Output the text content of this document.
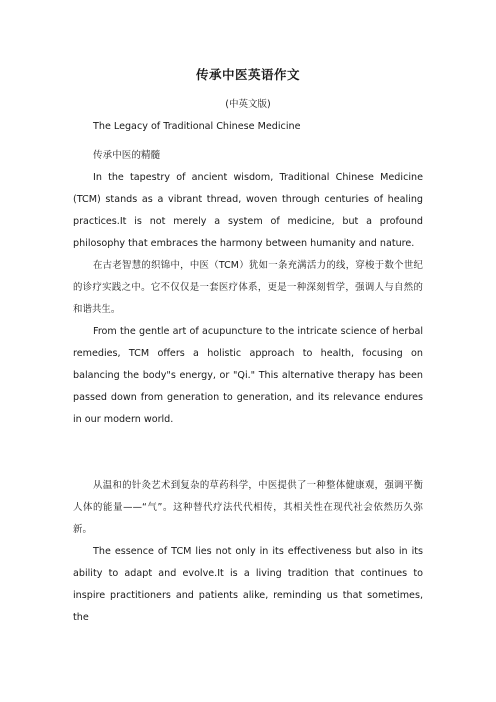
传承中医英语作文
(中英文版)
The Legacy of Traditional Chinese Medicine
传承中医的精髓
In the tapestry of ancient wisdom, Traditional Chinese Medicine (TCM) stands as a vibrant thread, woven through centuries of healing practices.It is not merely a system of medicine, but a profound philosophy that embraces the harmony between humanity and nature.
在古老智慧的织锦中，中医（TCM）犹如一条充满活力的线，穿梭于数个世纪的诊疗实践之中。它不仅仅是一套医疗体系，更是一种深刻哲学，强调人与自然的和谐共生。
From the gentle art of acupuncture to the intricate science of herbal remedies, TCM offers a holistic approach to health, focusing on balancing the body"s energy, or "Qi." This alternative therapy has been passed down from generation to generation, and its relevance endures in our modern world.
从温和的针灸艺术到复杂的草药科学，中医提供了一种整体健康观，强调平衡人体的能量——“气”。这种替代疗法代代相传，其相关性在现代社会依然历久弥新。
The essence of TCM lies not only in its effectiveness but also in its ability to adapt and evolve.It is a living tradition that continues to inspire practitioners and patients alike, reminding us that sometimes, the
